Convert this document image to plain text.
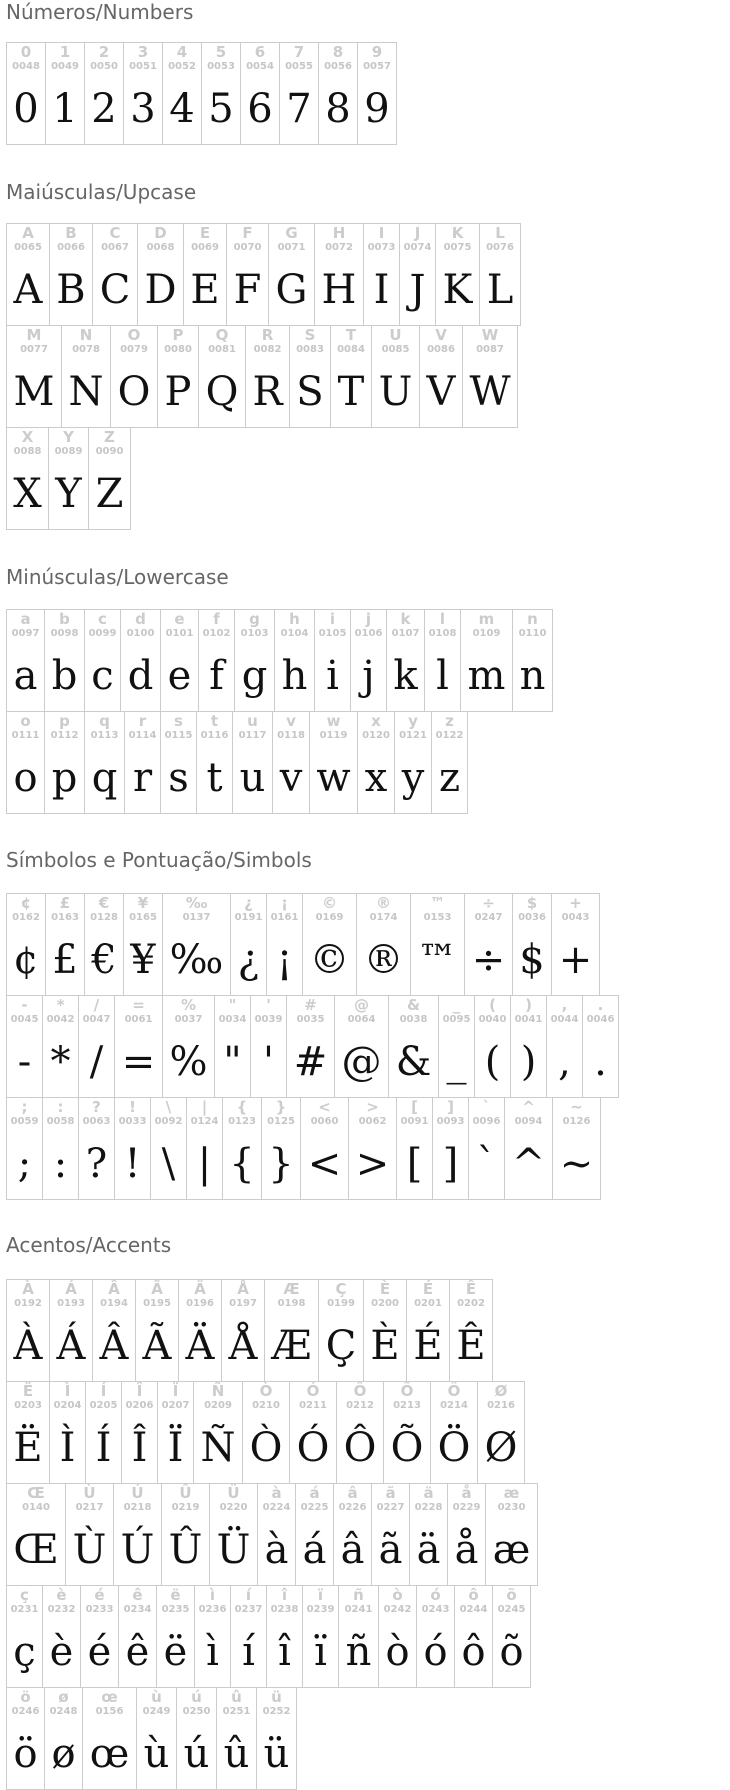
Números/Numbers
0
0048
0
1
0049
1
2
0050
2
3
0051
3
4
0052
4
5
0053
5
6
0054
6
7
0055
7
8
0056
8
9
0057
9
Maiúsculas/Upcase
A
0065
A
B
0066
B
C
0067
C
D
0068
D
E
0069
E
F
0070
F
G
0071
G
H
0072
H
I
0073
I
J
0074
J
K
0075
K
L
0076
L
M
0077
M
N
0078
N
O
0079
O
P
0080
P
Q
0081
Q
R
0082
R
S
0083
S
T
0084
T
U
0085
U
V
0086
V
W
0087
W
X
0088
X
Y
0089
Y
Z
0090
Z
Minúsculas/Lowercase
a
0097
a
b
0098
b
c
0099
c
d
0100
d
e
0101
e
f
0102
f
g
0103
g
h
0104
h
i
0105
i
j
0106
j
k
0107
k
l
0108
l
m
0109
m
n
0110
n
o
0111
o
p
0112
p
q
0113
q
r
0114
r
s
0115
s
t
0116
t
u
0117
u
v
0118
v
w
0119
w
x
0120
x
y
0121
y
z
0122
z
Símbolos e Pontuação/Simbols
¢
0162
¢
£
0163
£
€
0128
€
¥
0165
¥
‰
0137
‰
¿
0191
¿
¡
0161
¡
©
0169
©
®
0174
®
™
0153
™
÷
0247
÷
$
0036
$
+
0043
+
-
0045
-
*
0042
*
/
0047
/
=
0061
=
%
0037
%
"
0034
"
'
0039
'
#
0035
#
@
0064
@
&
0038
&
_
0095
_
(
0040
(
)
0041
)
,
0044
,
.
0046
.
;
0059
;
:
0058
:
?
0063
?
!
0033
!
\
0092
\
|
0124
|
{
0123
{
}
0125
}
<
0060
<
>
0062
>
[
0091
[
]
0093
]
`
0096
`
^
0094
^
~
0126
~
Acentos/Accents
À
0192
À
Á
0193
Á
Â
0194
Â
Ã
0195
Ã
Ä
0196
Ä
Å
0197
Å
Æ
0198
Æ
Ç
0199
Ç
È
0200
È
É
0201
É
Ê
0202
Ê
Ë
0203
Ë
Ì
0204
Ì
Í
0205
Í
Î
0206
Î
Ï
0207
Ï
Ñ
0209
Ñ
Ò
0210
Ò
Ó
0211
Ó
Ô
0212
Ô
Õ
0213
Õ
Ö
0214
Ö
Ø
0216
Ø
Œ
0140
Œ
Ù
0217
Ù
Ú
0218
Ú
Û
0219
Û
Ü
0220
Ü
à
0224
à
á
0225
á
â
0226
â
ã
0227
ã
ä
0228
ä
å
0229
å
æ
0230
æ
ç
0231
ç
è
0232
è
é
0233
é
ê
0234
ê
ë
0235
ë
ì
0236
ì
í
0237
í
î
0238
î
ï
0239
ï
ñ
0241
ñ
ò
0242
ò
ó
0243
ó
ô
0244
ô
õ
0245
õ
ö
0246
ö
ø
0248
ø
œ
0156
œ
ù
0249
ù
ú
0250
ú
û
0251
û
ü
0252
ü
